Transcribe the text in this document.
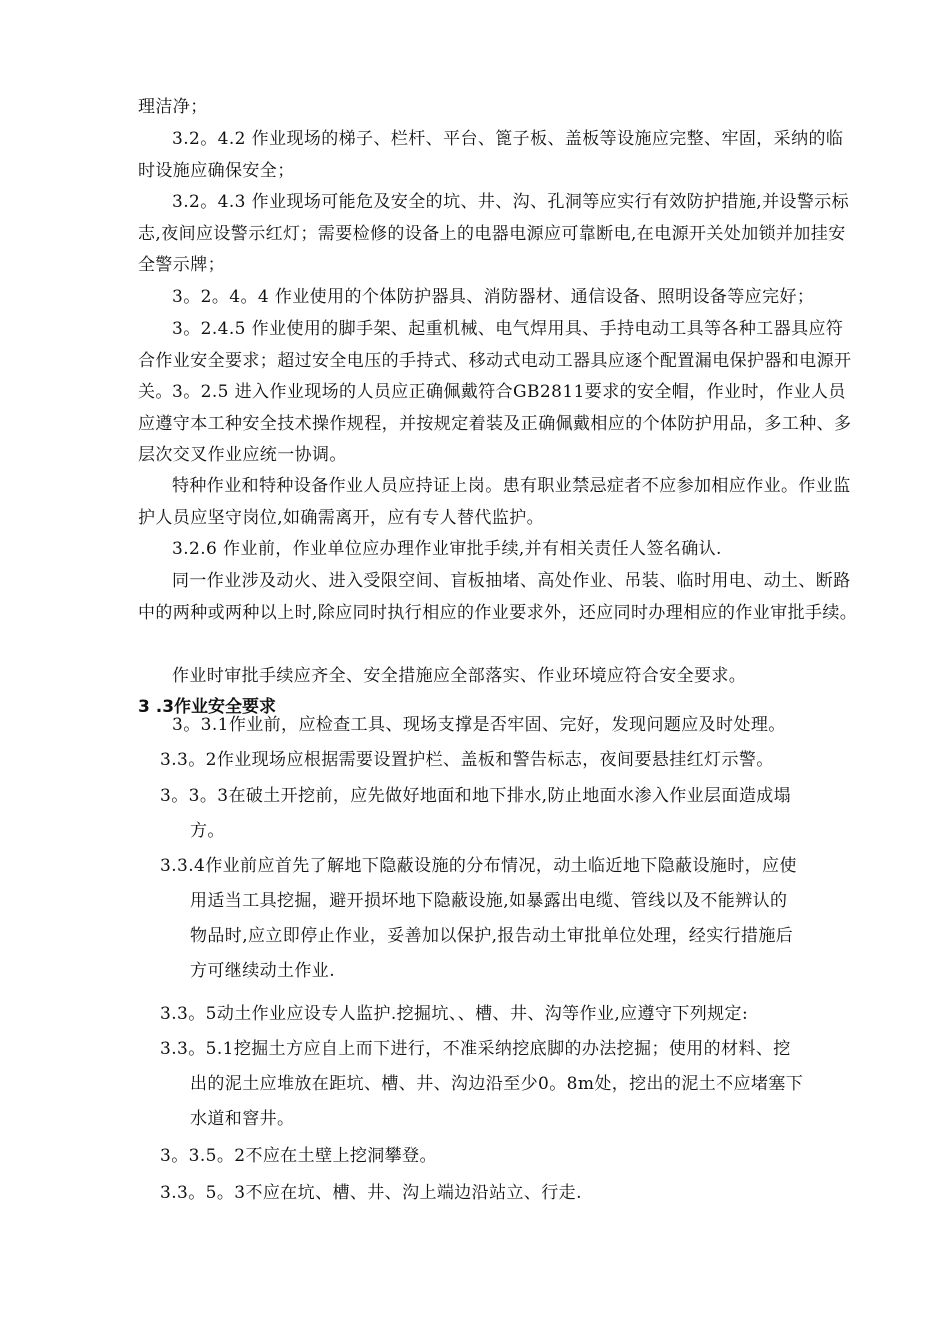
理洁净；
3.2。4.2 作业现场的梯子、栏杆、平台、篦子板、盖板等设施应完整、牢固，采纳的临时设施应确保安全；
3.2。4.3 作业现场可能危及安全的坑、井、沟、孔洞等应实行有效防护措施,并设警示标志,夜间应设警示红灯；需要检修的设备上的电器电源应可靠断电,在电源开关处加锁并加挂安全警示牌；
3。2。4。4 作业使用的个体防护器具、消防器材、通信设备、照明设备等应完好；
3。2.4.5 作业使用的脚手架、起重机械、电气焊用具、手持电动工具等各种工器具应符合作业安全要求；超过安全电压的手持式、移动式电动工器具应逐个配置漏电保护器和电源开关。 3。2.5 进入作业现场的人员应正确佩戴符合GB2811要求的安全帽，作业时，作业人员应遵守本工种安全技术操作规程，并按规定着装及正确佩戴相应的个体防护用品，多工种、多层次交叉作业应统一协调。
特种作业和特种设备作业人员应持证上岗。患有职业禁忌症者不应参加相应作业。作业监护人员应坚守岗位,如确需离开，应有专人替代监护。
3.2.6 作业前，作业单位应办理作业审批手续,并有相关责任人签名确认.
同一作业涉及动火、进入受限空间、盲板抽堵、高处作业、吊装、临时用电、动土、断路中的两种或两种以上时,除应同时执行相应的作业要求外，还应同时办理相应的作业审批手续。
作业时审批手续应齐全、安全措施应全部落实、作业环境应符合安全要求。
3 .3作业安全要求
3。3.1作业前，应检查工具、现场支撑是否牢固、完好，发现问题应及时处理。
3.3。2作业现场应根据需要设置护栏、盖板和警告标志，夜间要悬挂红灯示警。
3。3。3在破土开挖前，应先做好地面和地下排水,防止地面水渗入作业层面造成塌
方。
3.3.4作业前应首先了解地下隐蔽设施的分布情况，动土临近地下隐蔽设施时，应使
用适当工具挖掘，避开损坏地下隐蔽设施,如暴露出电缆、管线以及不能辨认的
物品时,应立即停止作业，妥善加以保护,报告动土审批单位处理，经实行措施后
方可继续动土作业.
3.3。5动土作业应设专人监护.挖掘坑、、槽、井、沟等作业,应遵守下列规定:
3.3。5.1挖掘土方应自上而下进行，不准采纳挖底脚的办法挖掘；使用的材料、挖
出的泥土应堆放在距坑、槽、井、沟边沿至少0。8m处，挖出的泥土不应堵塞下
水道和窨井。
3。3.5。2不应在土壁上挖洞攀登。
3.3。5。3不应在坑、槽、井、沟上端边沿站立、行走.
